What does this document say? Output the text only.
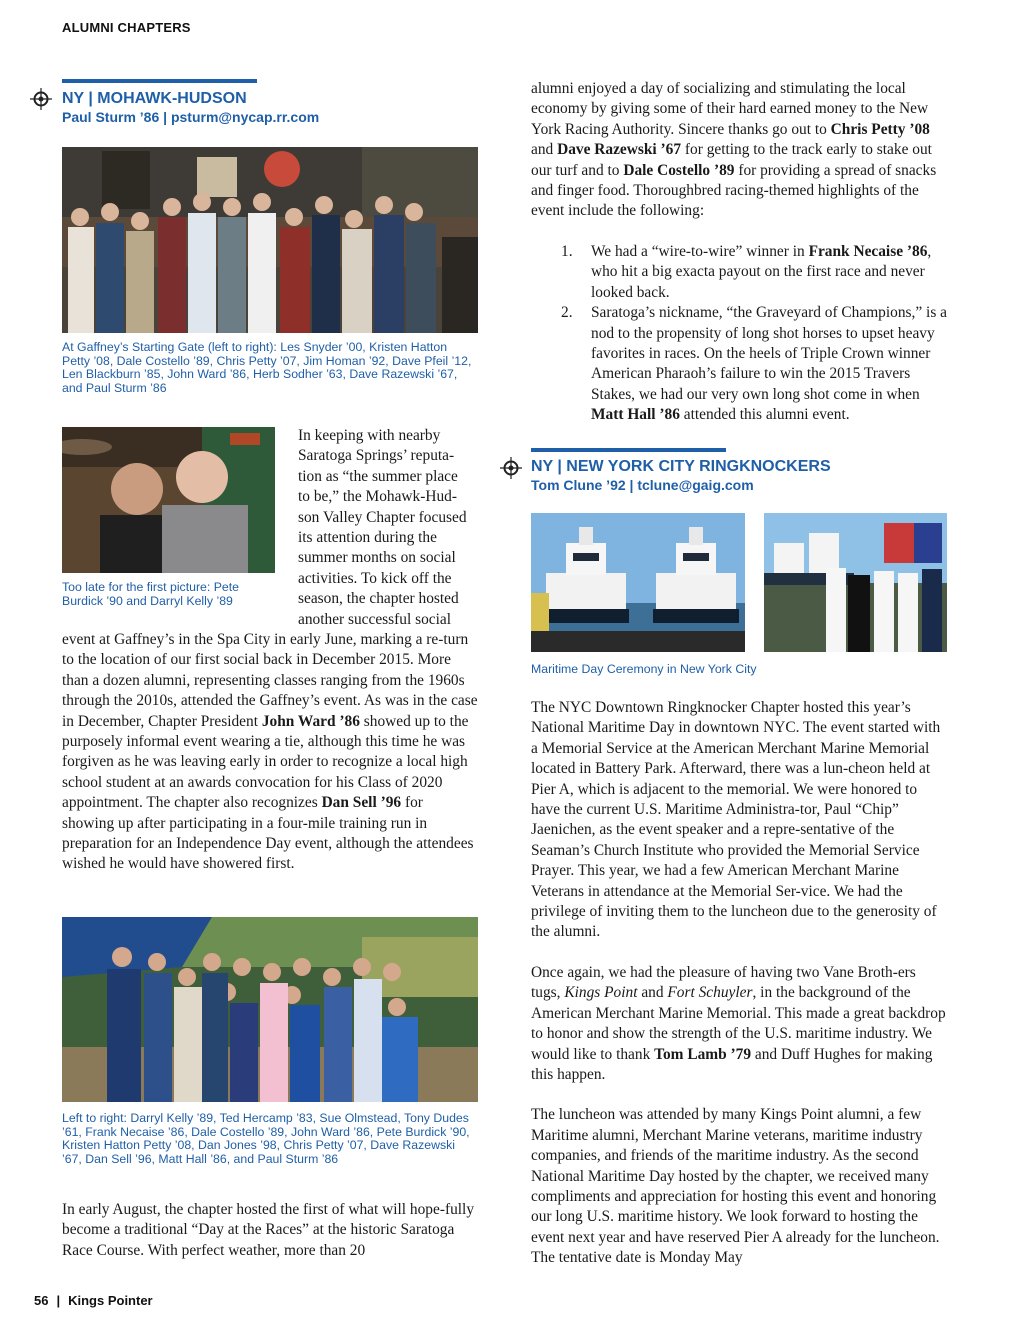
ALUMNI CHAPTERS
NY | MOHAWK-HUDSON
Paul Sturm ’86 | psturm@nycap.rr.com
At Gaffney’s Starting Gate (left to right): Les Snyder ’00, Kristen Hatton Petty ’08, Dale Costello ’89, Chris Petty ’07, Jim Homan ’92, Dave Pfeil ’12, Len Blackburn ’85, John Ward ’86, Herb Sodher ’63, Dave Razewski ’67, and Paul Sturm ’86
Too late for the first picture: Pete Burdick ’90 and Darryl Kelly ’89
In keeping with nearby
Saratoga Springs’ reputa-
tion as “the summer place
to be,” the Mohawk-Hud-
son Valley Chapter focused
its attention during the
summer months on social
activities. To kick off the
season, the chapter hosted
another successful social

event at Gaffney’s in the Spa City in early June, marking a re-turn to the location of our first social back in December 2015. More than a dozen alumni, representing classes ranging from the 1960s through the 2010s, attended the Gaffney’s event. As was in the case in December, Chapter President John Ward ’86 showed up to the purposely informal event wearing a tie, although this time he was forgiven as he was leaving early in order to recognize a local high school student at an awards convocation for his Class of 2020 appointment. The chapter also recognizes Dan Sell ’96 for showing up after participating in a four-mile training run in preparation for an Independence Day event, although the attendees wished he would have showered first.

Left to right: Darryl Kelly ’89, Ted Hercamp ’83, Sue Olmstead, Tony Dudes ’61, Frank Necaise ’86, Dale Costello ’89, John Ward ’86, Pete Burdick ’90, Kristen Hatton Petty ’08, Dan Jones ’98, Chris Petty ’07, Dave Razewski ’67, Dan Sell ’96, Matt Hall ’86, and Paul Sturm ’86
In early August, the chapter hosted the first of what will hope-fully become a traditional “Day at the Races” at the historic Saratoga Race Course. With perfect weather, more than 20

alumni enjoyed a day of socializing and stimulating the local economy by giving some of their hard earned money to the New York Racing Authority. Sincere thanks go out to Chris Petty ’08 and Dave Razewski ’67 for getting to the track early to stake out our turf and to Dale Costello ’89 for providing a spread of snacks and finger food. Thoroughbred racing-themed highlights of the event include the following:

1. We had a “wire-to-wire” winner in Frank Necaise ’86, who hit a big exacta payout on the first race and never looked back.
2. Saratoga’s nickname, “the Graveyard of Champions,” is a nod to the propensity of long shot horses to upset heavy favorites in races. On the heels of Triple Crown winner American Pharaoh’s failure to win the 2015 Travers Stakes, we had our very own long shot come in when Matt Hall ’86 attended this alumni event.
NY | NEW YORK CITY RINGKNOCKERS
Tom Clune ’92 | tclune@gaig.com
Maritime Day Ceremony in New York City

The NYC Downtown Ringknocker Chapter hosted this year’s National Maritime Day in downtown NYC. The event started with a Memorial Service at the American Merchant Marine Memorial located in Battery Park. Afterward, there was a lun-cheon held at Pier A, which is adjacent to the memorial. We were honored to have the current U.S. Maritime Administra-tor, Paul “Chip” Jaenichen, as the event speaker and a repre-sentative of the Seaman’s Church Institute who provided the Memorial Service Prayer. This year, we had a few American Merchant Marine Veterans in attendance at the Memorial Ser-vice. We had the privilege of inviting them to the luncheon due to the generosity of the alumni.

Once again, we had the pleasure of having two Vane Broth-ers tugs, Kings Point and Fort Schuyler, in the background of the American Merchant Marine Memorial. This made a great backdrop to honor and show the strength of the U.S. maritime industry. We would like to thank Tom Lamb ’79 and Duff Hughes for making this happen.

The luncheon was attended by many Kings Point alumni, a few Maritime alumni, Merchant Marine veterans, maritime industry companies, and friends of the maritime industry. As the second National Maritime Day hosted by the chapter, we received many compliments and appreciation for hosting this event and honoring our long U.S. maritime history. We look forward to hosting the event next year and have reserved Pier A already for the luncheon. The tentative date is Monday May

56 | Kings Pointer
